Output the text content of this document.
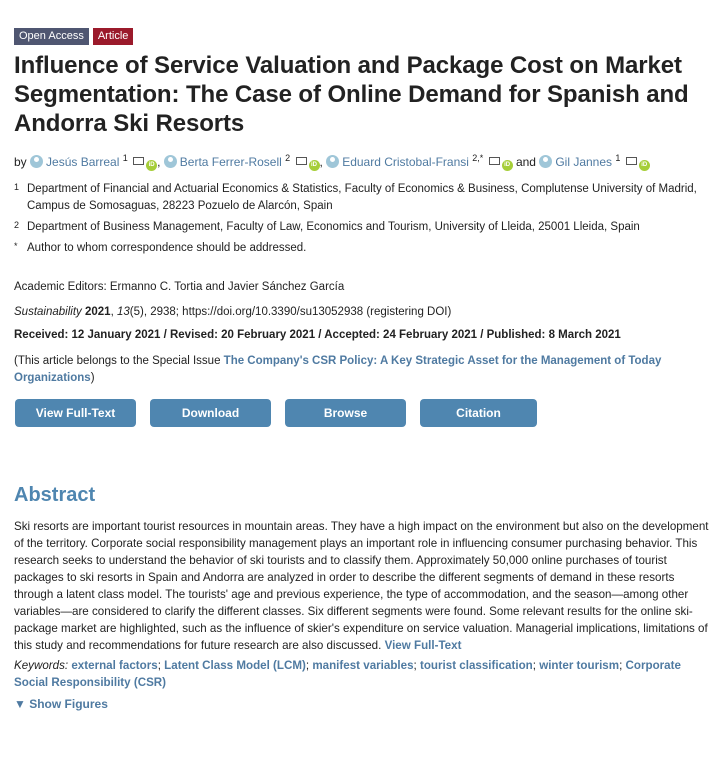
Open Access	Article
Influence of Service Valuation and Package Cost on Market Segmentation: The Case of Online Demand for Spanish and Andorra Ski Resorts
by Jesús Barreal $^1$ iD , Berta Ferrer-Rosell $^2$ iD , Eduard Cristobal-Fransi $^{2,*}$ iD and Gil Jannes $^1$ iD
1 Department of Financial and Actuarial Economics & Statistics, Faculty of Economics & Business, Complutense University of Madrid, Campus de Somosaguas, 28223 Pozuelo de Alarcón, Spain
2 Department of Business Management, Faculty of Law, Economics and Tourism, University of Lleida, 25001 Lleida, Spain
* Author to whom correspondence should be addressed.

Academic Editors: Ermanno C. Tortia and Javier Sánchez García

Sustainability 2021, 13(5), 2938; https://doi.org/10.3390/su13052938 (registering DOI)

Received: 12 January 2021 / Revised: 20 February 2021 / Accepted: 24 February 2021 / Published: 8 March 2021

(This article belongs to the Special Issue The Company's CSR Policy: A Key Strategic Asset for the Management of Today Organizations)
View Full-Text	Download PDF
Browse Figures
Citation Export
Abstract

Ski resorts are important tourist resources in mountain areas. They have a high impact on the environment but also on the development of the territory. Corporate social responsibility management plays an important role in influencing consumer purchasing behavior. This research seeks to understand the behavior of ski tourists and to classify them. Approximately 50,000 online purchases of tourist packages to ski resorts in Spain and Andorra are analyzed in order to describe the different segments of demand in these resorts through a latent class model. The tourists' age and previous experience, the type of accommodation, and the season—among other variables—are considered to clarify the different classes. Six different segments were found. Some relevant results for the online ski-package market are highlighted, such as the influence of skier's expenditure on service valuation. Managerial implications, limitations of this study and recommendations for future research are also discussed. View Full-Text

Keywords: external factors; Latent Class Model (LCM); manifest variables; tourist classification; winter tourism; Corporate Social Responsibility (CSR)

▼ Show Figures
